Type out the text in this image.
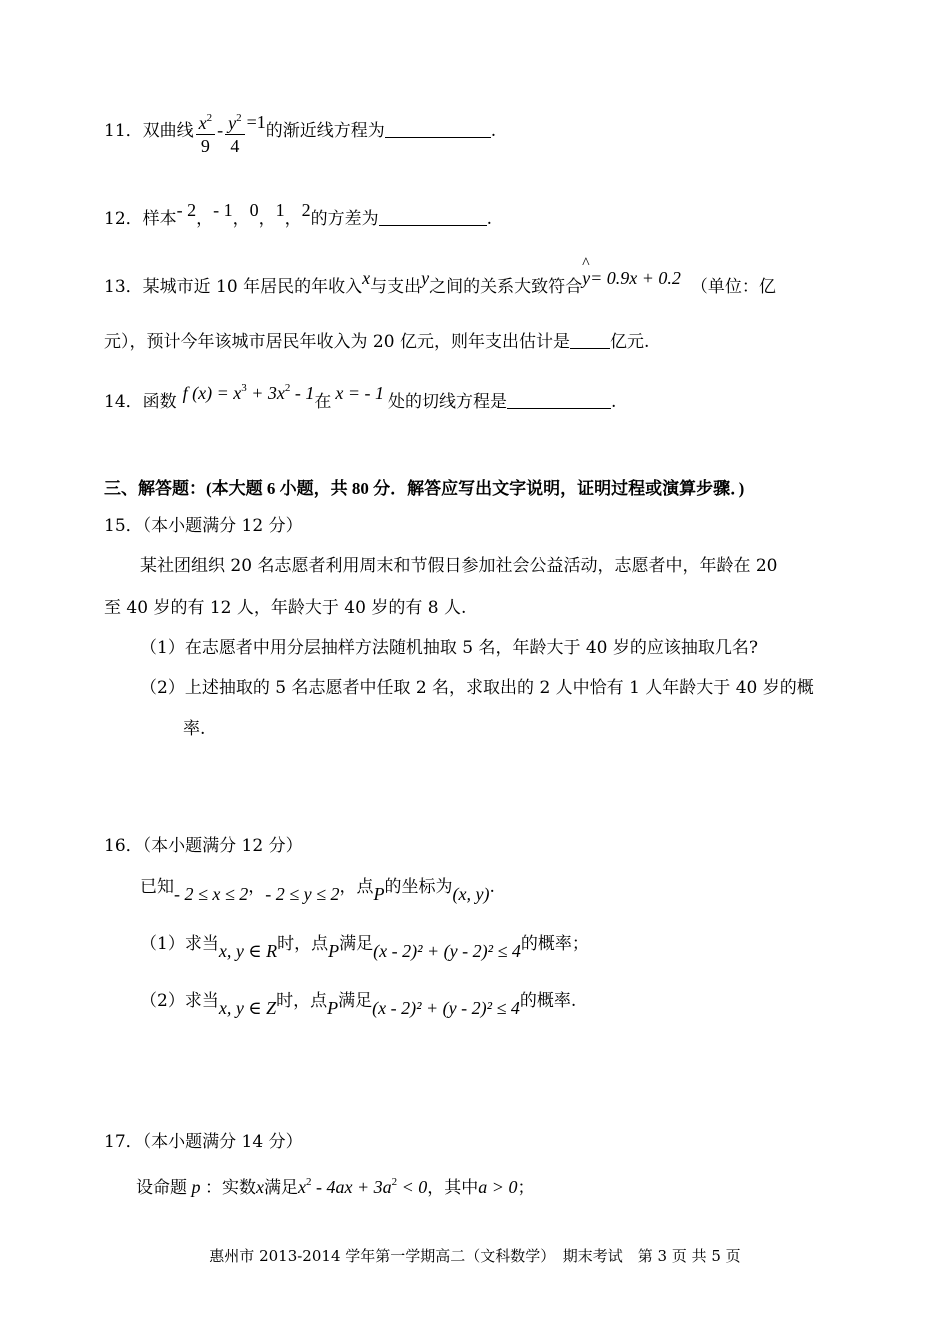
11．双曲线 $\frac{x^2}{9} - \frac{y^2}{4} =1$的渐近线方程为	.
12．样本- 2，- 1，0，1，2的方差为	.
13．某城市近 10 年居民的年收入x与支出y之间的关系大致符合^ y= 0.9x + 0.2 （单位：亿
元），预计今年该城市居民年收入为 20 亿元，则年支出估计是 亿元.
14．函数 f $(x) = x^3 + 3x^2 - 1$在 x = - 1 处的切线方程是	.
三、解答题：(本大题 6 小题，共 80 分．解答应写出文字说明，证明过程或演算步骤．)
15．（本小题满分 12 分）
某社团组织 20 名志愿者利用周末和节假日参加社会公益活动，志愿者中，年龄在 20
至 40 岁的有 12 人，年龄大于 40 岁的有 8 人.
（1）在志愿者中用分层抽样方法随机抽取 5 名，年龄大于 40 岁的应该抽取几名?
（2）上述抽取的 5 名志愿者中任取 2 名，求取出的 2 人中恰有 1 人年龄大于 40 岁的概
率.
16．（本小题满分 12 分）
已知- 2 ≤ x ≤ 2，- 2 ≤ y ≤ 2，点P的坐标为(x, y).
（1）求当x, y ∈ R时，点P满足(x - 2)² + (y - 2)² ≤ 4的概率；
（2）求当x, y ∈ Z时，点P满足(x - 2)² + (y - 2)² ≤ 4的概率.
17．（本小题满分 14 分）
设命题 p ：实数x满足$x^2 - 4ax + 3a^2 < 0$，其中a > 0；
惠州市 2013-2014 学年第一学期高二（文科数学）　期末考试　第 3 页 共 5 页
